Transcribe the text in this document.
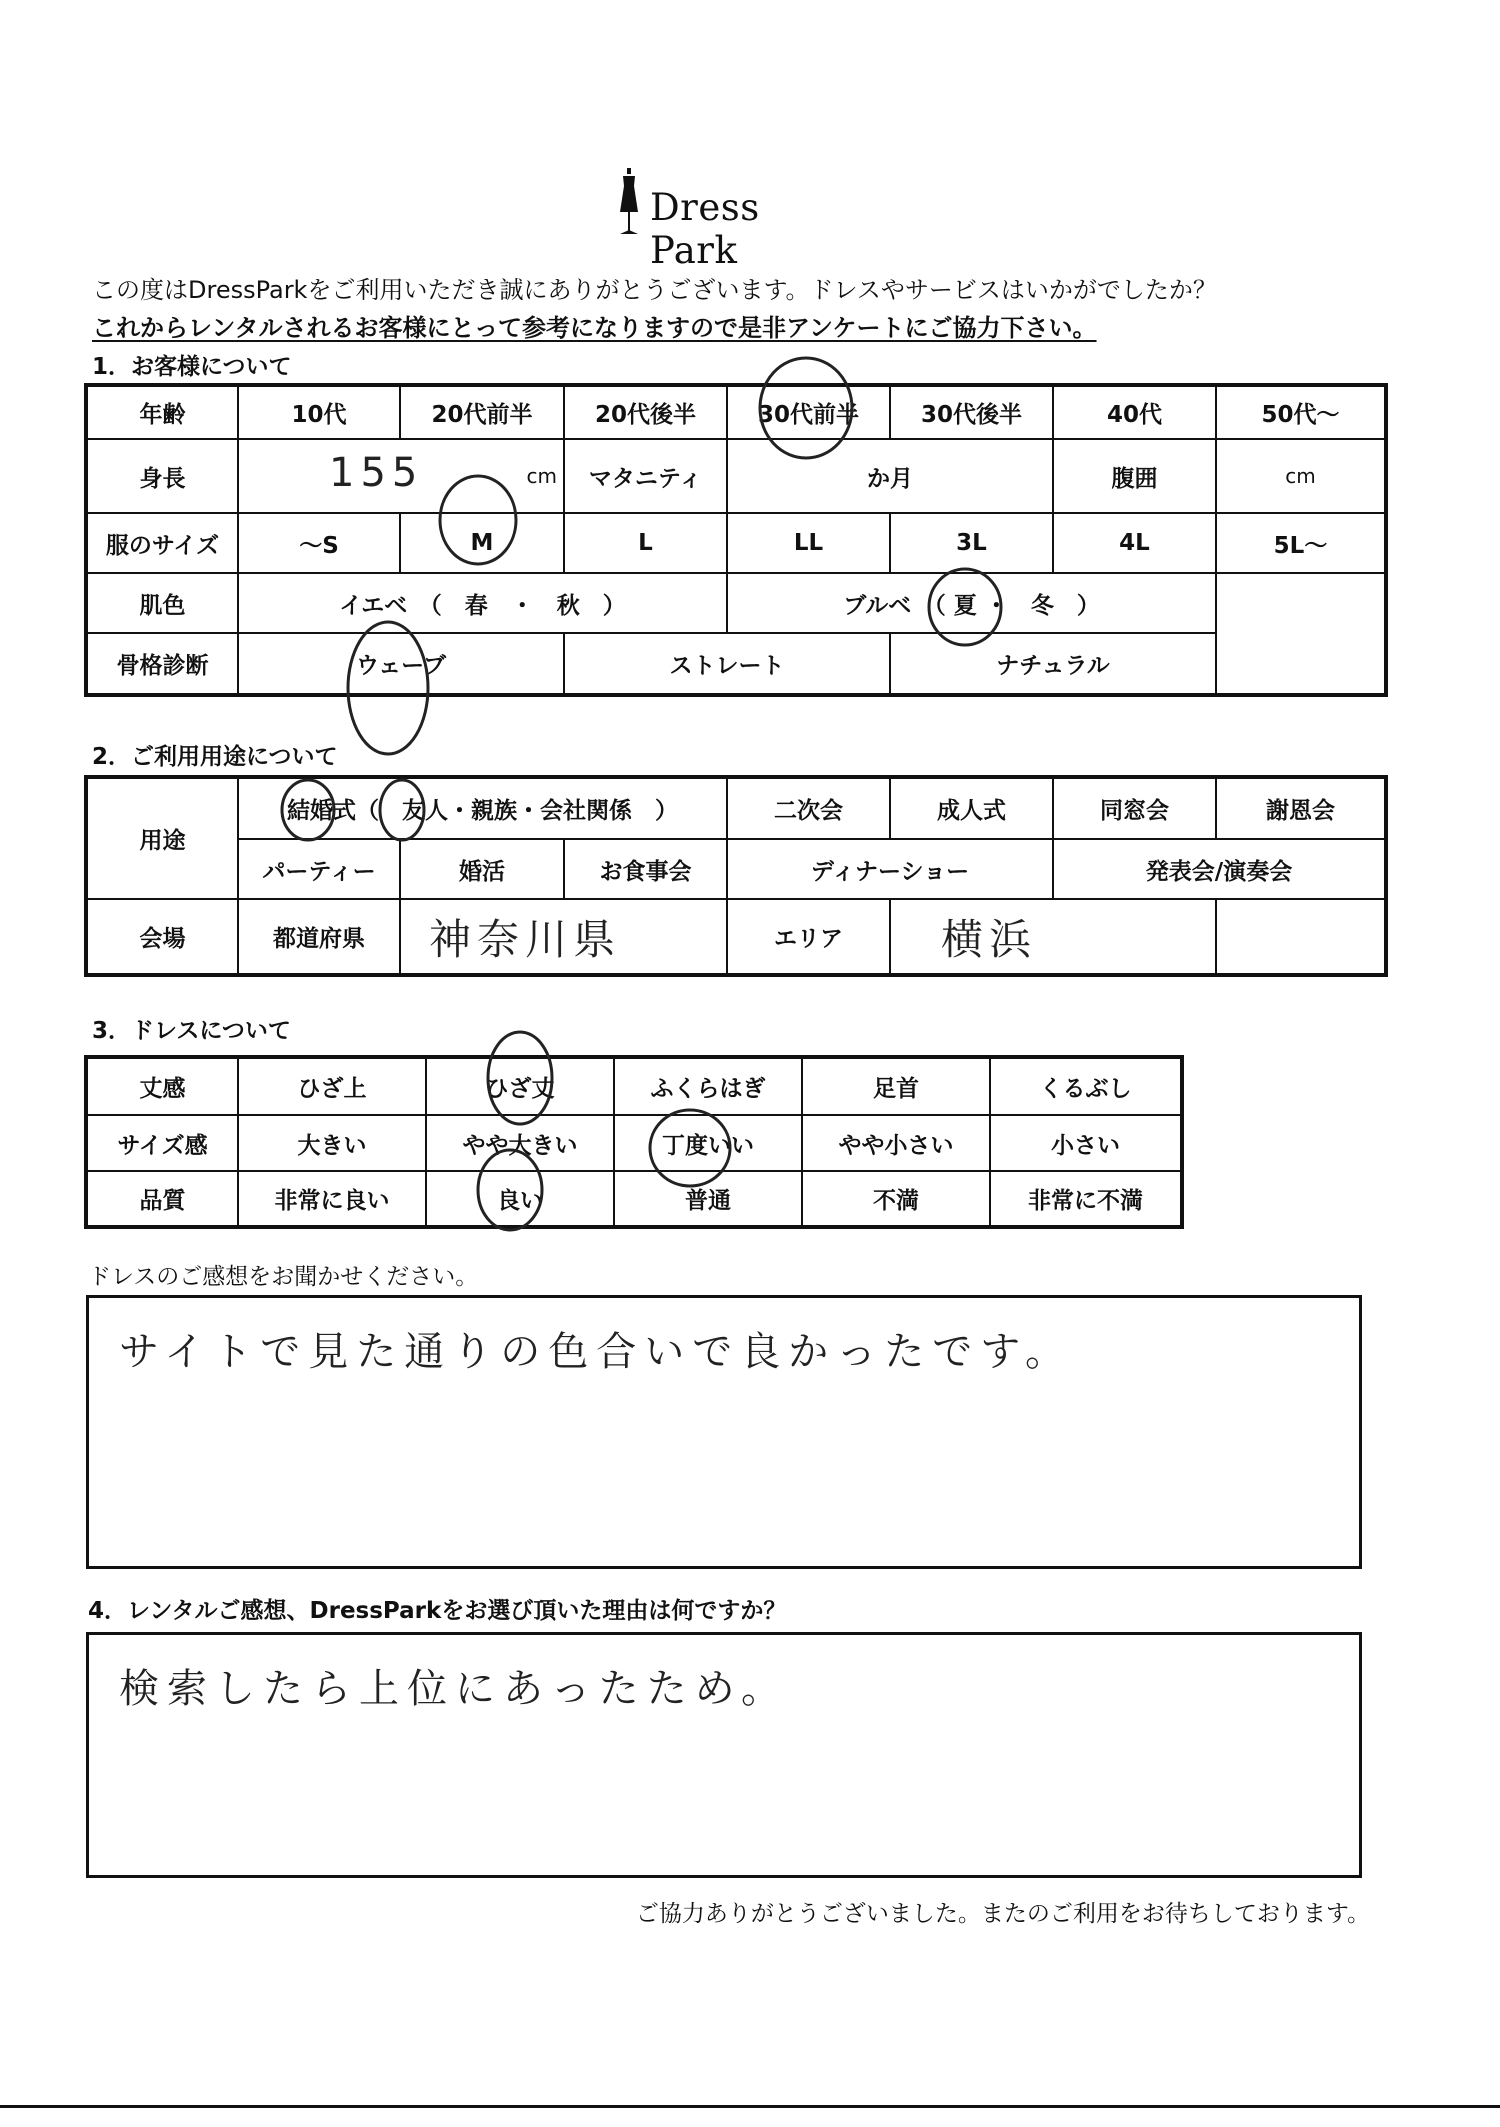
Dress Park
この度はDressParkをご利用いただき誠にありがとうございます。ドレスやサービスはいかがでしたか？
これからレンタルされるお客様にとって参考になりますので是非アンケートにご協力下さい。
1．お客様について
年齢	10代	20代前半	20代後半	30代前半	30代後半	40代	50代～
身長	155 cm		マタニティ	か月		腹囲	cm
服のサイズ	～S	M	L	LL	3L	4L	5L～
肌色	イエベ　（　春　・　秋　）			ブルベ　（ 夏 ・　冬　）			
骨格診断	ウェーブ		ストレート		ナチュラル		
2．ご利用用途について
用途	結婚式（　友人・親族・会社関係　）			二次会	成人式	同窓会	謝恩会
	パーティー	婚活	お食事会	ディナーショー		発表会/演奏会	
会場	都道府県	神奈川県		エリア	横浜		
3．ドレスについて
丈感	ひざ上	ひざ丈	ふくらはぎ	足首	くるぶし
サイズ感	大きい	やや大きい	丁度いい	やや小さい	小さい
品質	非常に良い	良い	普通	不満	非常に不満
ドレスのご感想をお聞かせください。
サイトで見た通りの色合いで良かったです。
4．レンタルご感想、DressParkをお選び頂いた理由は何ですか？
検索したら上位にあったため。
ご協力ありがとうございました。またのご利用をお待ちしております。
